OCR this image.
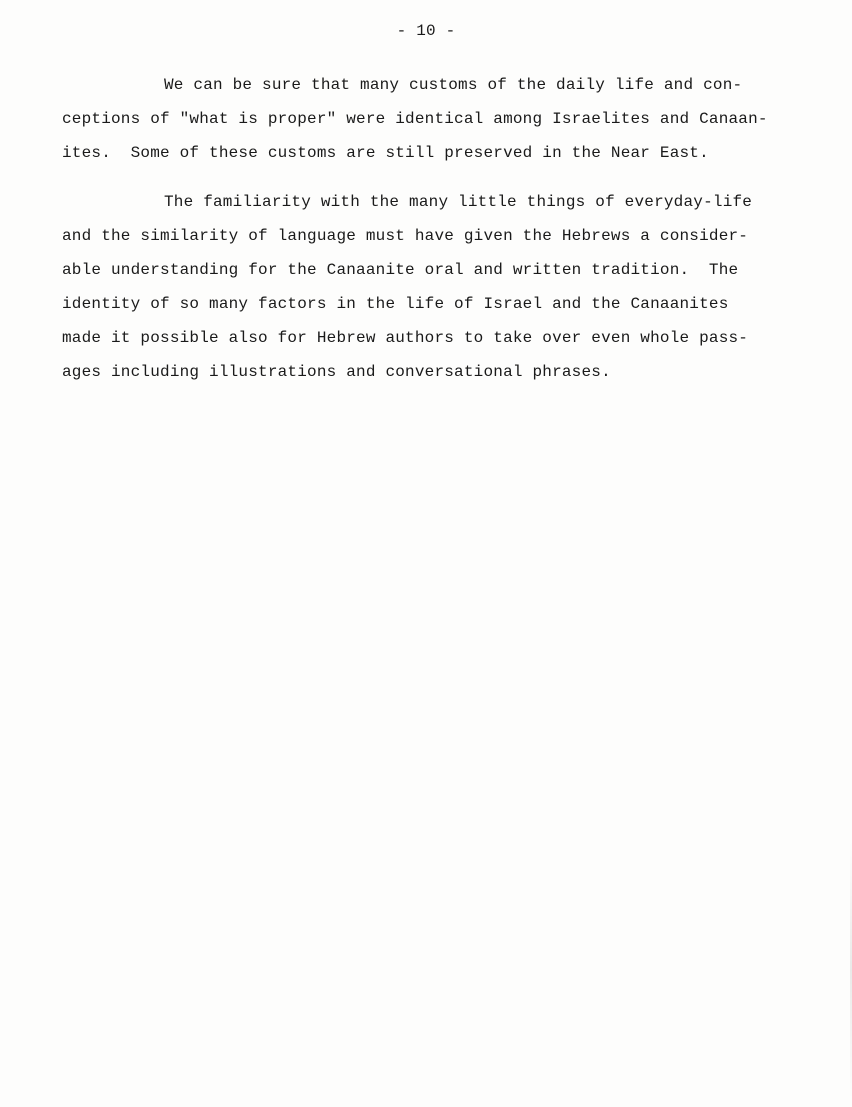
- 10 -
We can be sure that many customs of the daily life and con-
ceptions of "what is proper" were identical among Israelites and Canaan-
ites.  Some of these customs are still preserved in the Near East.
The familiarity with the many little things of everyday-life
and the similarity of language must have given the Hebrews a consider-
able understanding for the Canaanite oral and written tradition.  The
identity of so many factors in the life of Israel and the Canaanites
made it possible also for Hebrew authors to take over even whole pass-
ages including illustrations and conversational phrases.
